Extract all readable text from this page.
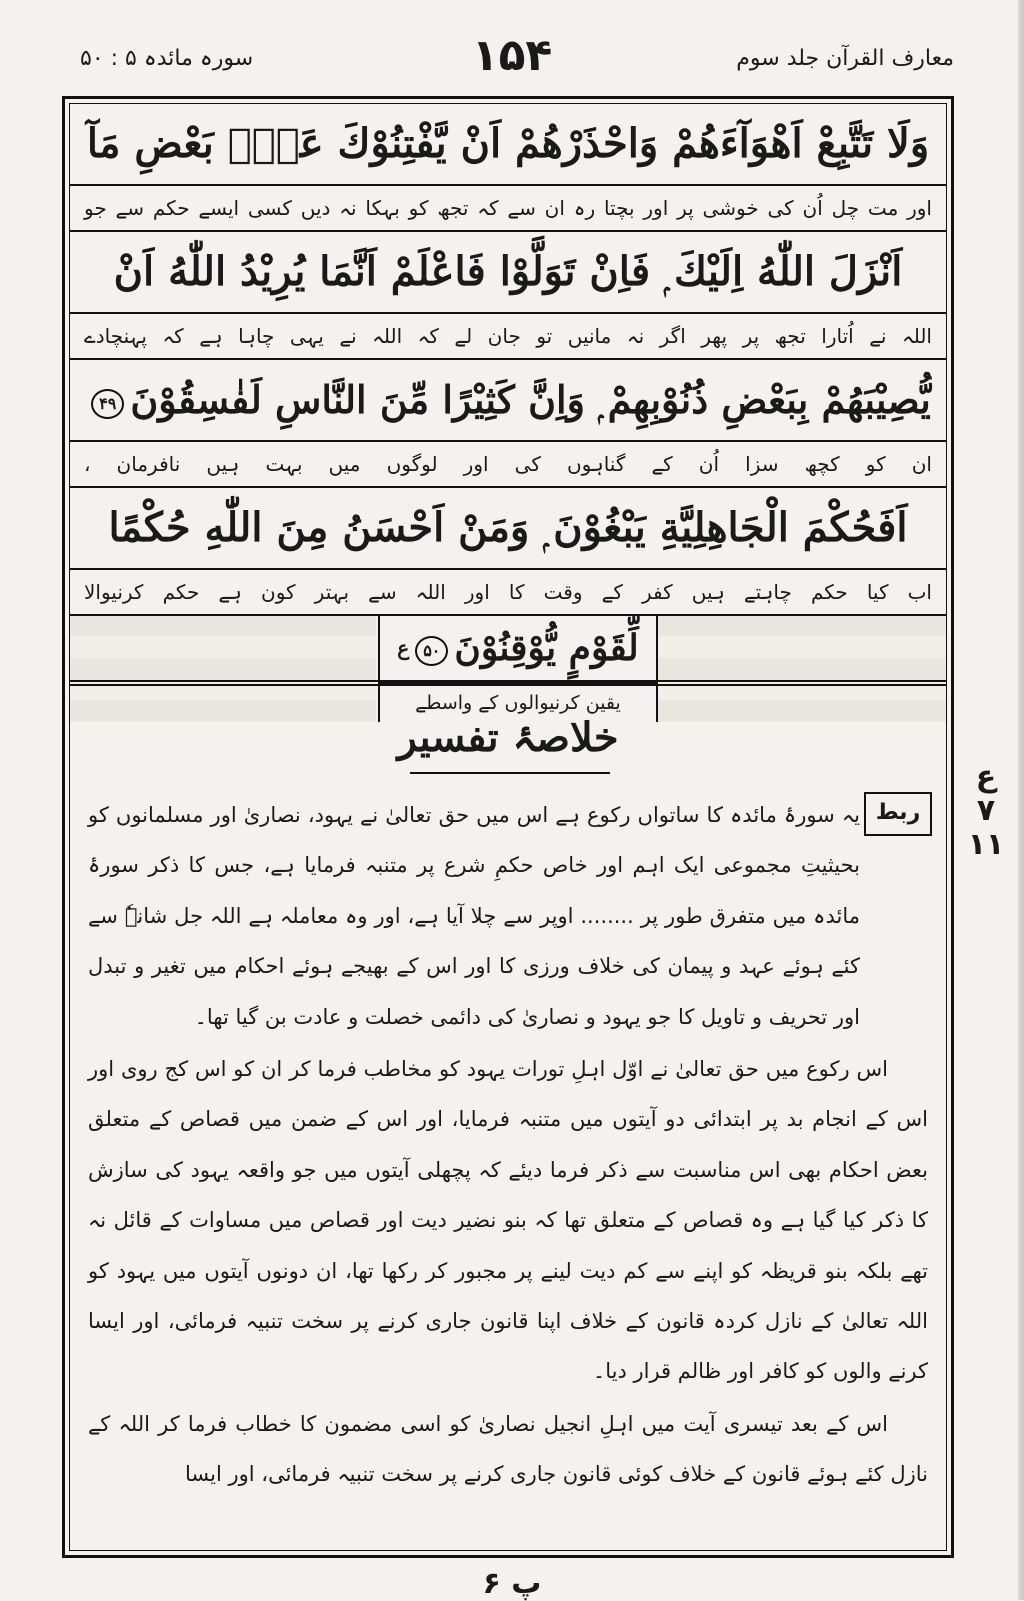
سورہ مائدہ ۵ : ۵۰	۱۵۴	معارف القرآن جلد سوم
وَلَا تَتَّبِعْ اَهْوَآءَهُمْ وَاحْذَرْهُمْ اَنْ يَّفْتِنُوْكَ عَنْۢ بَعْضِ مَآ
اور مت چل اُن کی خوشی پر اور بچتا رہ ان سے کہ تجھ کو بہکا نہ دیں کسی ایسے حکم سے جو
اَنْزَلَ اللّٰهُ اِلَيْكَ ۭ فَاِنْ تَوَلَّوْا فَاعْلَمْ اَنَّمَا يُرِيْدُ اللّٰهُ اَنْ
اللہ نے اُتارا تجھ پر پھر اگر نہ مانیں تو جان لے کہ اللہ نے یہی چاہا ہے کہ پہنچادے
يُّصِيْبَهُمْ بِبَعْضِ ذُنُوْبِهِمْ ۭ وَاِنَّ كَثِيْرًا مِّنَ النَّاسِ لَفٰسِقُوْنَ۴۹
ان کو کچھ سزا اُن کے گناہوں کی اور لوگوں میں بہت ہیں نافرمان ،
اَفَحُكْمَ الْجَاهِلِيَّةِ يَبْغُوْنَ ۭ وَمَنْ اَحْسَنُ مِنَ اللّٰهِ حُكْمًا
اب کیا حکم چاہتے ہیں کفر کے وقت کا اور اللہ سے بہتر کون ہے حکم کرنیوالا
لِّقَوْمٍ $يُّوْقِنُوْنَ۵۰^ع$
یقین کرنیوالوں کے واسطے
خلاصۂ تفسیر
ربط
یہ سورۂ مائدہ کا ساتواں رکوع ہے اس میں حق تعالیٰ نے یہود، نصاریٰ اور مسلمانوں کو بحیثیتِ مجموعی ایک اہم اور خاص حکمِ شرع پر متنبہ فرمایا ہے، جس کا ذکر سورۂ مائدہ میں متفرق طور پر ........ اوپر سے چلا آیا ہے، اور وہ معاملہ ہے اللہ جل شانہٗ سے کئے ہوئے عہد و پیمان کی خلاف ورزی کا اور اس کے بھیجے ہوئے احکام میں تغیر و تبدل اور تحریف و تاویل کا جو یہود و نصاریٰ کی دائمی خصلت و عادت بن گیا تھا۔
اس رکوع میں حق تعالیٰ نے اوّل اہلِ تورات یہود کو مخاطب فرما کر ان کو اس کج روی اور اس کے انجام بد پر ابتدائی دو آیتوں میں متنبہ فرمایا، اور اس کے ضمن میں قصاص کے متعلق بعض احکام بھی اس مناسبت سے ذکر فرما دیئے کہ پچھلی آیتوں میں جو واقعہ یہود کی سازش کا ذکر کیا گیا ہے وہ قصاص کے متعلق تھا کہ بنو نضیر دیت اور قصاص میں مساوات کے قائل نہ تھے بلکہ بنو قریظہ کو اپنے سے کم دیت لینے پر مجبور کر رکھا تھا، ان دونوں آیتوں میں یہود کو اللہ تعالیٰ کے نازل کردہ قانون کے خلاف اپنا قانون جاری کرنے پر سخت تنبیہ فرمائی، اور ایسا کرنے والوں کو کافر اور ظالم قرار دیا۔
اس کے بعد تیسری آیت میں اہلِ انجیل نصاریٰ کو اسی مضمون کا خطاب فرما کر اللہ کے نازل کئے ہوئے قانون کے خلاف کوئی قانون جاری کرنے پر سخت تنبیہ فرمائی، اور ایسا
ع ۷ ۱۱
پ ۶
